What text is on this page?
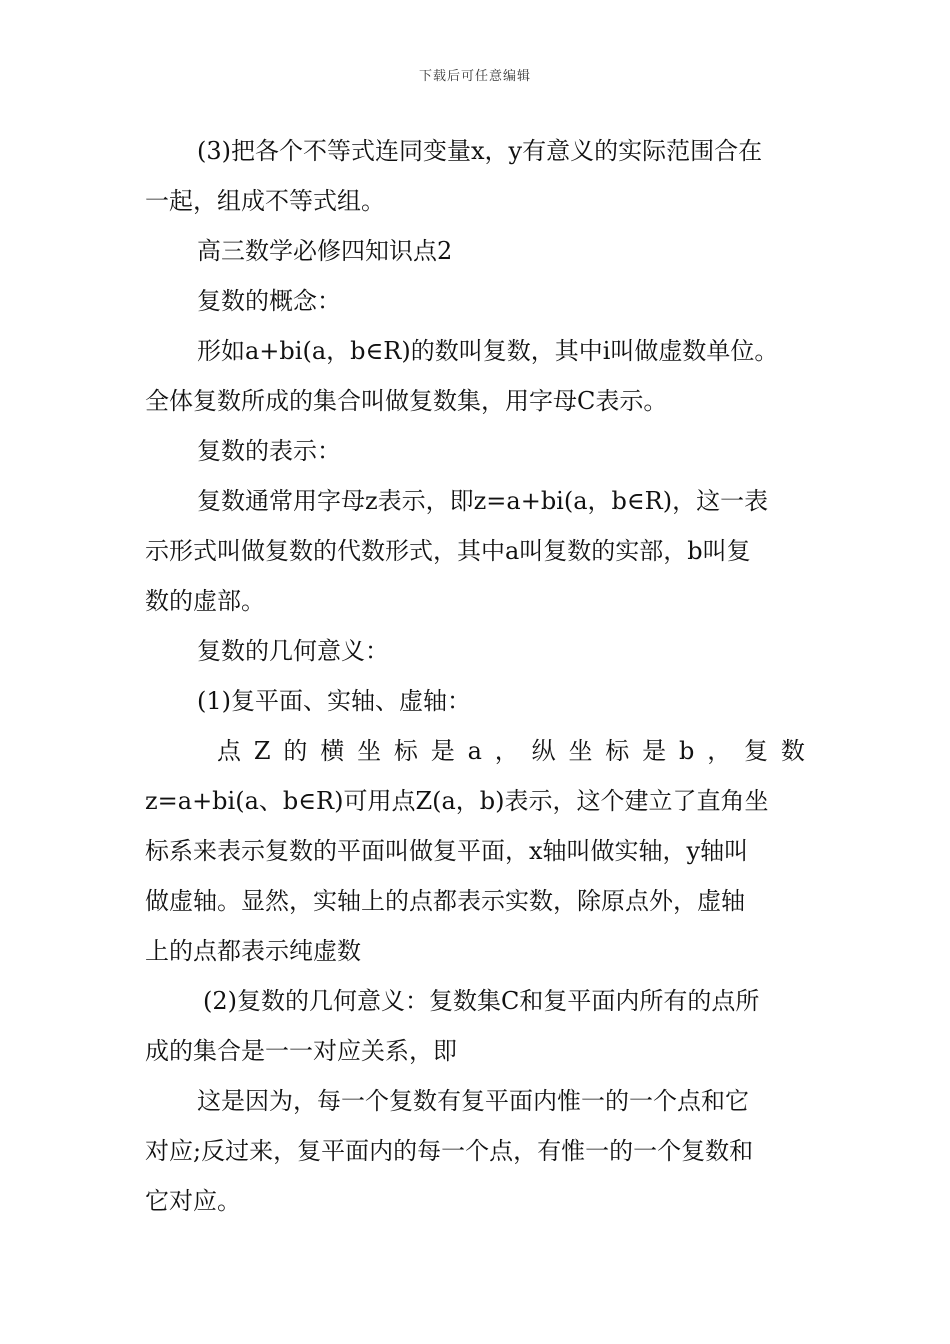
下载后可任意编辑
(3)把各个不等式连同变量x，y有意义的实际范围合在
一起，组成不等式组。
高三数学必修四知识点2
复数的概念：
形如a+bi(a，b∈R)的数叫复数，其中i叫做虚数单位。
全体复数所成的集合叫做复数集，用字母C表示。
复数的表示：
复数通常用字母z表示，即z=a+bi(a，b∈R)，这一表
示形式叫做复数的代数形式，其中a叫复数的实部，b叫复
数的虚部。
复数的几何意义：
(1)复平面、实轴、虚轴：
点 Z 的 横 坐 标 是 a ， 纵 坐 标 是 b ， 复 数
z=a+bi(a、b∈R)可用点Z(a，b)表示，这个建立了直角坐
标系来表示复数的平面叫做复平面，x轴叫做实轴，y轴叫
做虚轴。显然，实轴上的点都表示实数，除原点外，虚轴
上的点都表示纯虚数
(2)复数的几何意义：复数集C和复平面内所有的点所
成的集合是一一对应关系，即
这是因为，每一个复数有复平面内惟一的一个点和它
对应;反过来，复平面内的每一个点，有惟一的一个复数和
它对应。
